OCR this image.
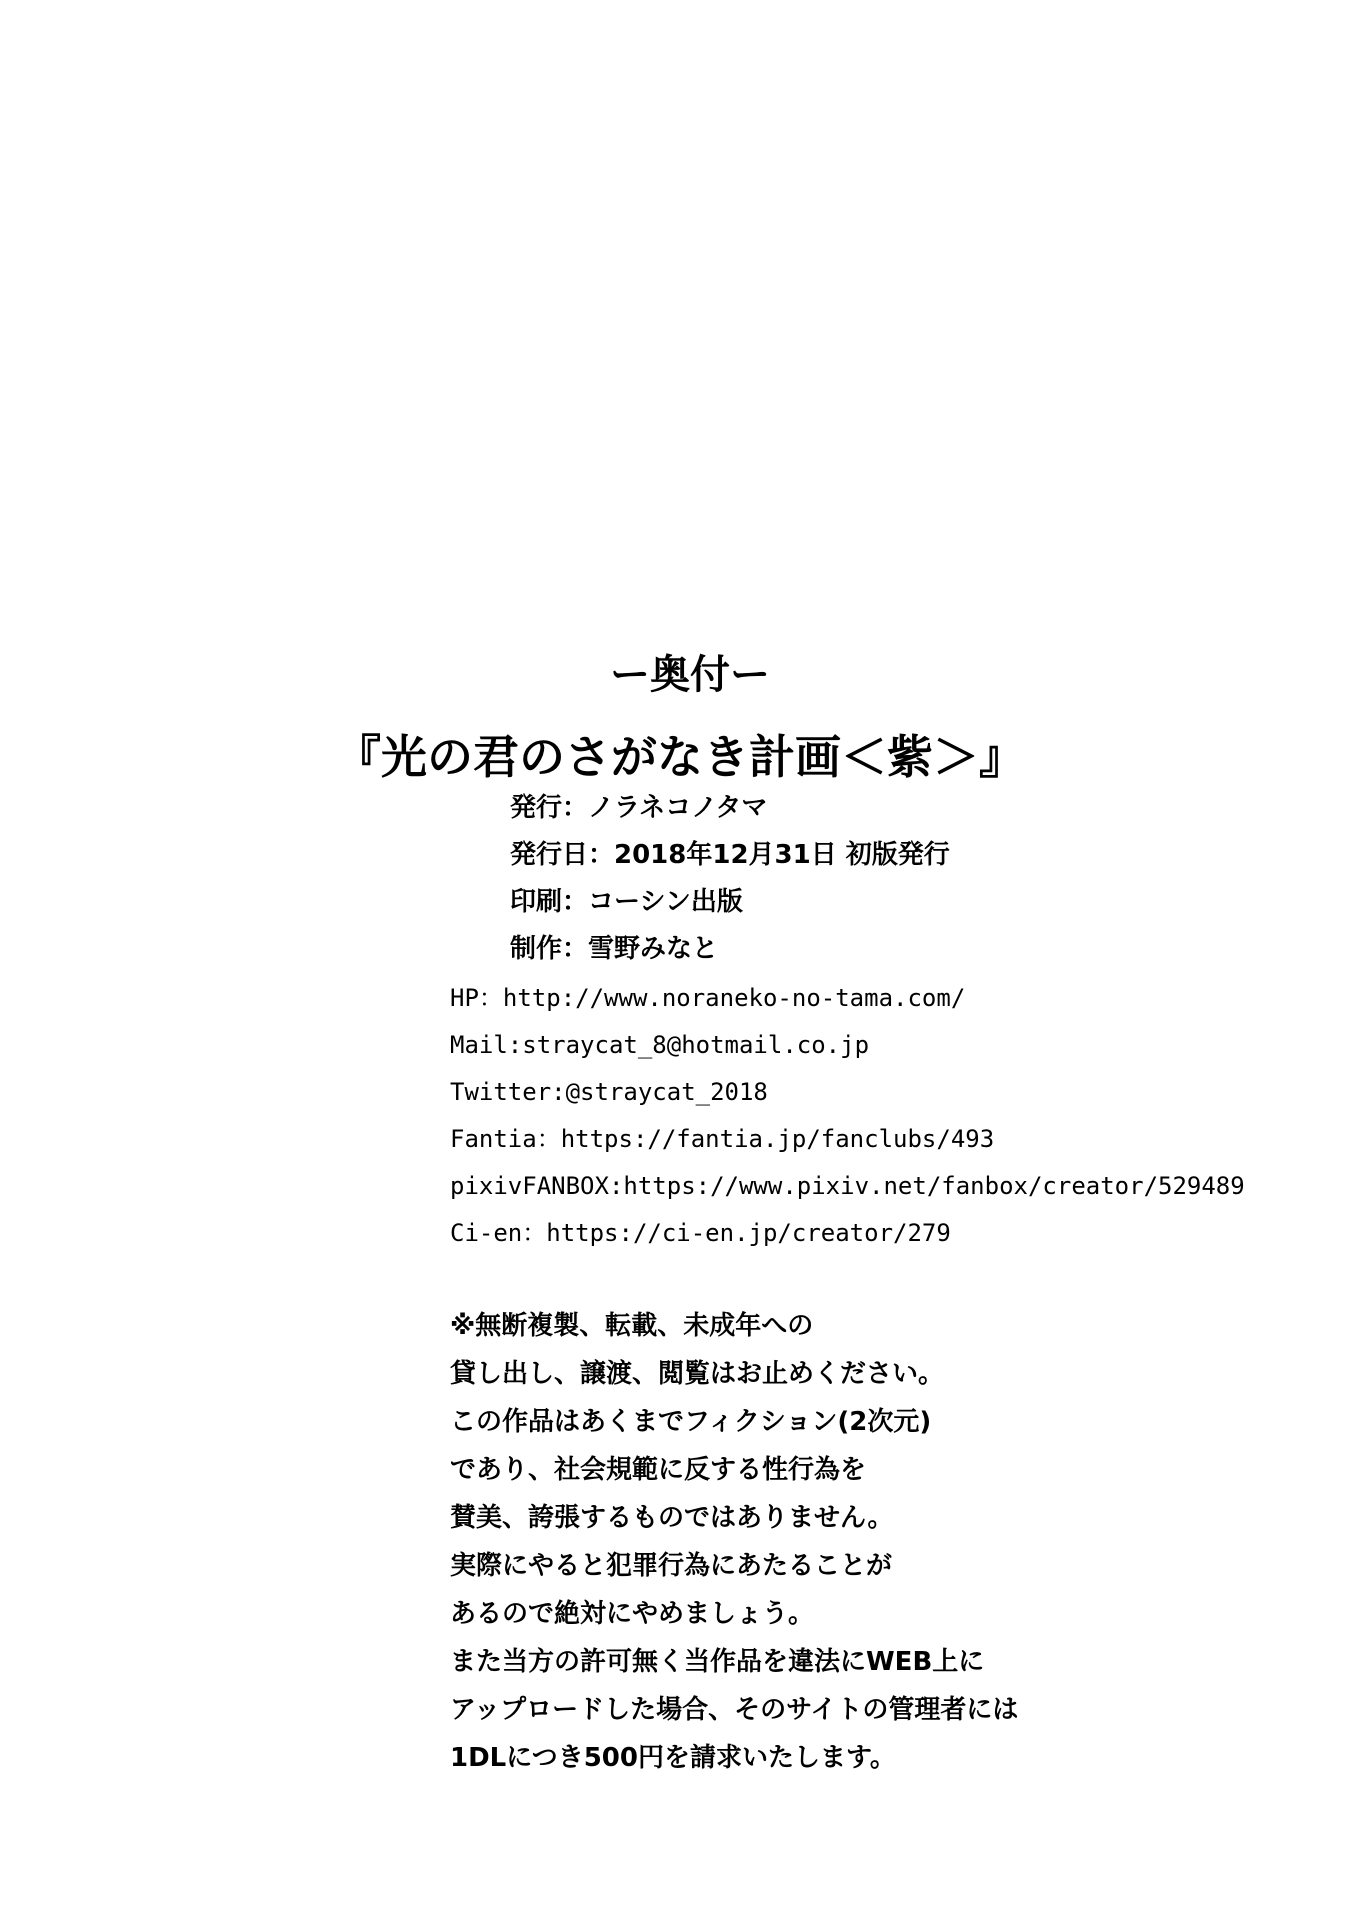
ー奥付ー
『光の君のさがなき計画＜紫＞』
発行：ノラネコノタマ
発行日：2018年12月31日 初版発行
印刷：コーシン出版
制作：雪野みなと
HP：http://www.noraneko-no-tama.com/
Mail:straycat_8@hotmail.co.jp
Twitter:@straycat_2018
Fantia：https://fantia.jp/fanclubs/493
pixivFANBOX:https://www.pixiv.net/fanbox/creator/529489
Ci-en：https://ci-en.jp/creator/279
※無断複製、転載、未成年への
貸し出し、譲渡、閲覧はお止めください。
この作品はあくまでフィクション(2次元)
であり、社会規範に反する性行為を
賛美、誇張するものではありません。
実際にやると犯罪行為にあたることが
あるので絶対にやめましょう。
また当方の許可無く当作品を違法にWEB上に
アップロードした場合、そのサイトの管理者には
1DLにつき500円を請求いたします。
